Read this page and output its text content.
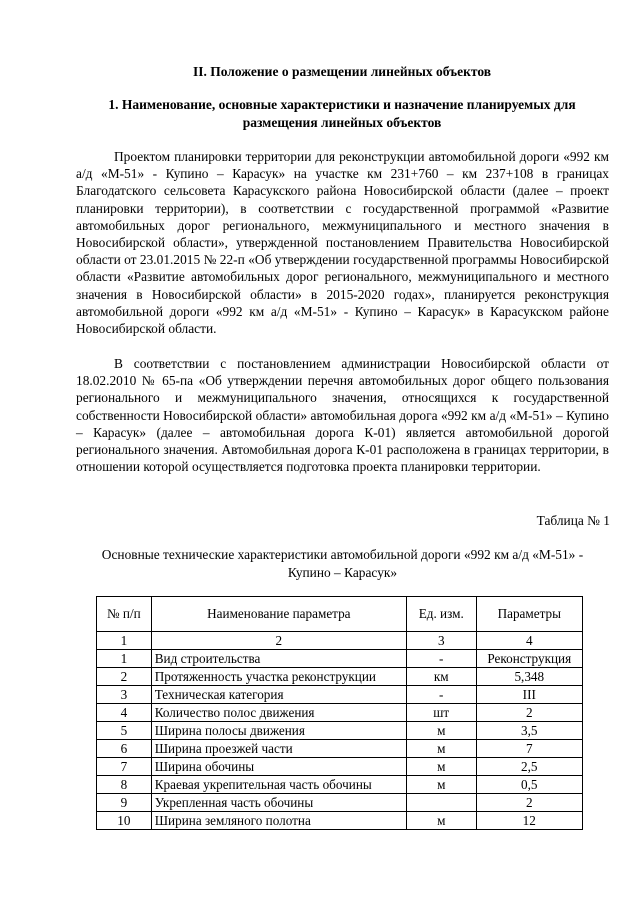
II. Положение о размещении линейных объектов
1. Наименование, основные характеристики и назначение планируемых для размещения линейных объектов

Проектом планировки территории для реконструкции автомобильной дороги «992 км а/д «М-51» - Купино – Карасук» на участке км 231+760 – км 237+108 в границах Благодатского сельсовета Карасукского района Новосибирской области (далее – проект планировки территории), в соответствии с государственной программой «Развитие автомобильных дорог регионального, межмуниципального и местного значения в Новосибирской области», утвержденной постановлением Правительства Новосибирской области от 23.01.2015 № 22-п «Об утверждении государственной программы Новосибирской области «Развитие автомобильных дорог регионального, межмуниципального и местного значения в Новосибирской области» в 2015-2020 годах», планируется реконструкция автомобильной дороги «992 км а/д «М-51» - Купино – Карасук» в Карасукском районе Новосибирской области.

В соответствии с постановлением администрации Новосибирской области от 18.02.2010 № 65-па «Об утверждении перечня автомобильных дорог общего пользования регионального и межмуниципального значения, относящихся к государственной собственности Новосибирской области» автомобильная дорога «992 км а/д «М-51» – Купино – Карасук» (далее – автомобильная дорога К-01) является автомобильной дорогой регионального значения. Автомобильная дорога К-01 расположена в границах территории, в отношении которой осуществляется подготовка проекта планировки территории.

Таблица № 1
Основные технические характеристики автомобильной дороги «992 км а/д «М-51» - Купино – Карасук»
№ п/п	Наименование параметра	Ед. изм.	Параметры
1	2	3	4
1	Вид строительства	-	Реконструкция
2	Протяженность участка реконструкции	км	5,348
3	Техническая категория	-	III
4	Количество полос движения	шт	2
5	Ширина полосы движения	м	3,5
6	Ширина проезжей части	м	7
7	Ширина обочины	м	2,5
8	Краевая укрепительная часть обочины	м	0,5
9	Укрепленная часть обочины		2
10	Ширина земляного полотна	м	12
